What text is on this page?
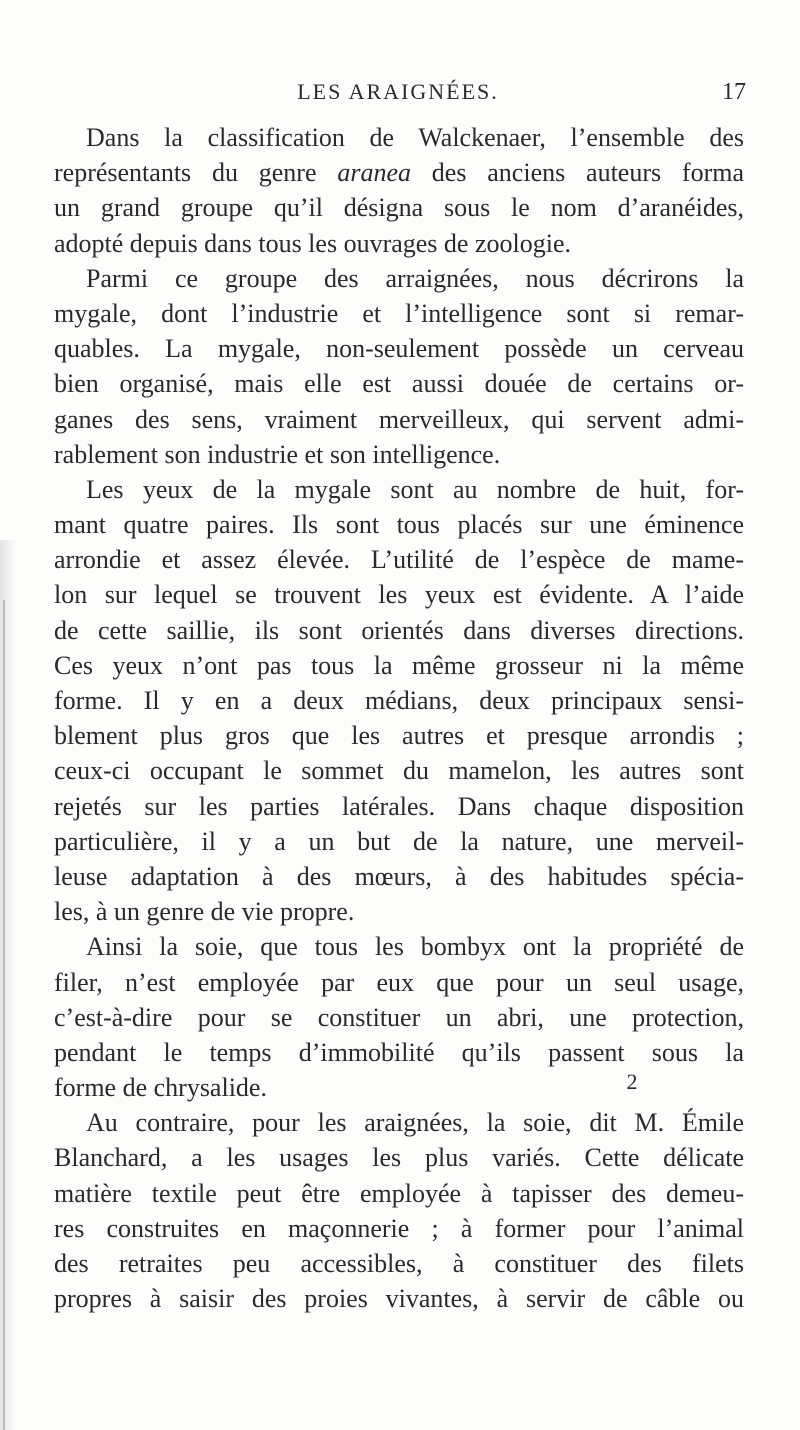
LES ARAIGNÉES.	17
Dans la classification de Walckenaer, l’ensemble des
représentants du genre aranea des anciens auteurs forma
un grand groupe qu’il désigna sous le nom d’aranéides,
adopté depuis dans tous les ouvrages de zoologie.
Parmi ce groupe des arraignées, nous décrirons la
mygale, dont l’industrie et l’intelligence sont si remar-
quables. La mygale, non-seulement possède un cerveau
bien organisé, mais elle est aussi douée de certains or-
ganes des sens, vraiment merveilleux, qui servent admi-
rablement son industrie et son intelligence.
Les yeux de la mygale sont au nombre de huit, for-
mant quatre paires. Ils sont tous placés sur une éminence
arrondie et assez élevée. L’utilité de l’espèce de mame-
lon sur lequel se trouvent les yeux est évidente. A l’aide
de cette saillie, ils sont orientés dans diverses directions.
Ces yeux n’ont pas tous la même grosseur ni la même
forme. Il y en a deux médians, deux principaux sensi-
blement plus gros que les autres et presque arrondis ;
ceux-ci occupant le sommet du mamelon, les autres sont
rejetés sur les parties latérales. Dans chaque disposition
particulière, il y a un but de la nature, une merveil-
leuse adaptation à des mœurs, à des habitudes spécia-
les, à un genre de vie propre.
Ainsi la soie, que tous les bombyx ont la propriété de
filer, n’est employée par eux que pour un seul usage,
c’est-à-dire pour se constituer un abri, une protection,
pendant le temps d’immobilité qu’ils passent sous la
forme de chrysalide.
Au contraire, pour les araignées, la soie, dit M. Émile
Blanchard, a les usages les plus variés. Cette délicate
matière textile peut être employée à tapisser des demeu-
res construites en maçonnerie ; à former pour l’animal
des retraites peu accessibles, à constituer des filets
propres à saisir des proies vivantes, à servir de câble ou
2
